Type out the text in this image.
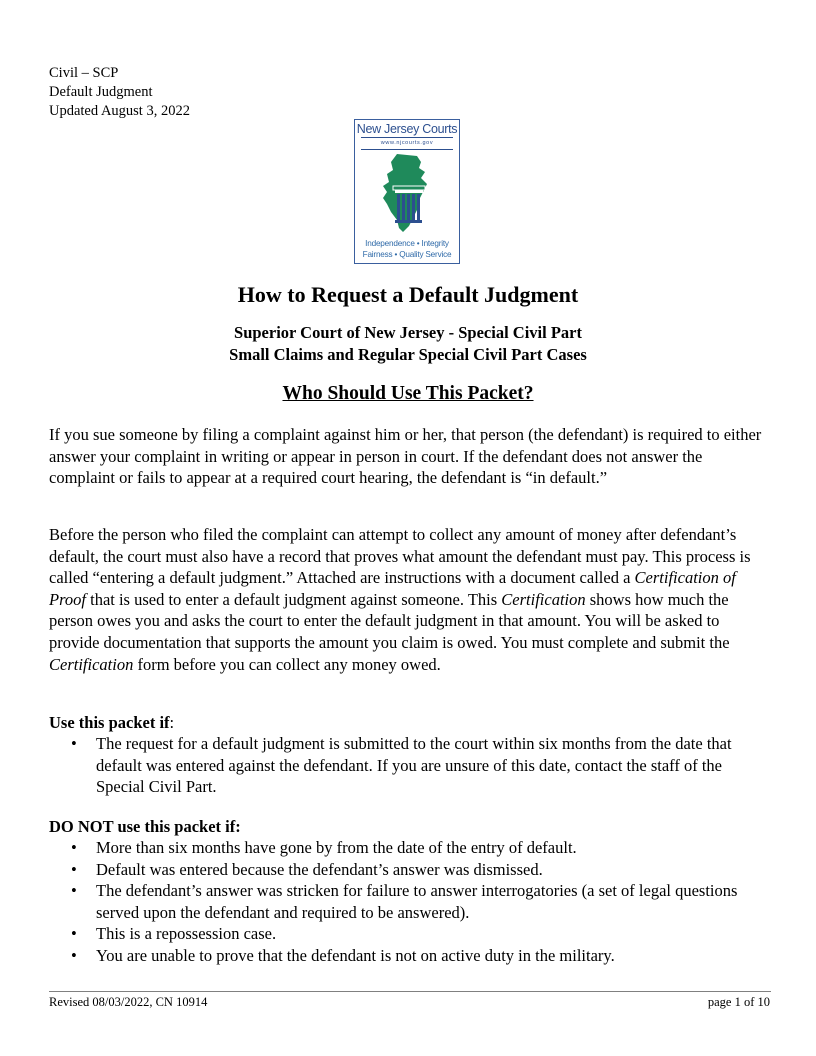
Civil – SCP
Default Judgment
Updated August 3, 2022
New Jersey Courts
www.njcourts.gov
Independence • Integrity
Fairness • Quality Service
How to Request a Default Judgment
Superior Court of New Jersey - Special Civil Part
Small Claims and Regular Special Civil Part Cases
Who Should Use This Packet?

If you sue someone by filing a complaint against him or her, that person (the defendant) is required to either answer your complaint in writing or appear in person in court. If the defendant does not answer the complaint or fails to appear at a required court hearing, the defendant is “in default.”

Before the person who filed the complaint can attempt to collect any amount of money after defendant’s default, the court must also have a record that proves what amount the defendant must pay. This process is called “entering a default judgment.” Attached are instructions with a document called a Certification of Proof that is used to enter a default judgment against someone. This Certification shows how much the person owes you and asks the court to enter the default judgment in that amount. You will be asked to provide documentation that supports the amount you claim is owed. You must complete and submit the Certification form before you can collect any money owed.

Use this packet if:
• The request for a default judgment is submitted to the court within six months from the date that default was entered against the defendant. If you are unsure of this date, contact the staff of the Special Civil Part.
DO NOT use this packet if:
• More than six months have gone by from the date of the entry of default.
• Default was entered because the defendant’s answer was dismissed.
• The defendant’s answer was stricken for failure to answer interrogatories (a set of legal questions served upon the defendant and required to be answered).
• This is a repossession case.
• You are unable to prove that the defendant is not on active duty in the military.
Revised 08/03/2022, CN 10914	page 1 of 10
